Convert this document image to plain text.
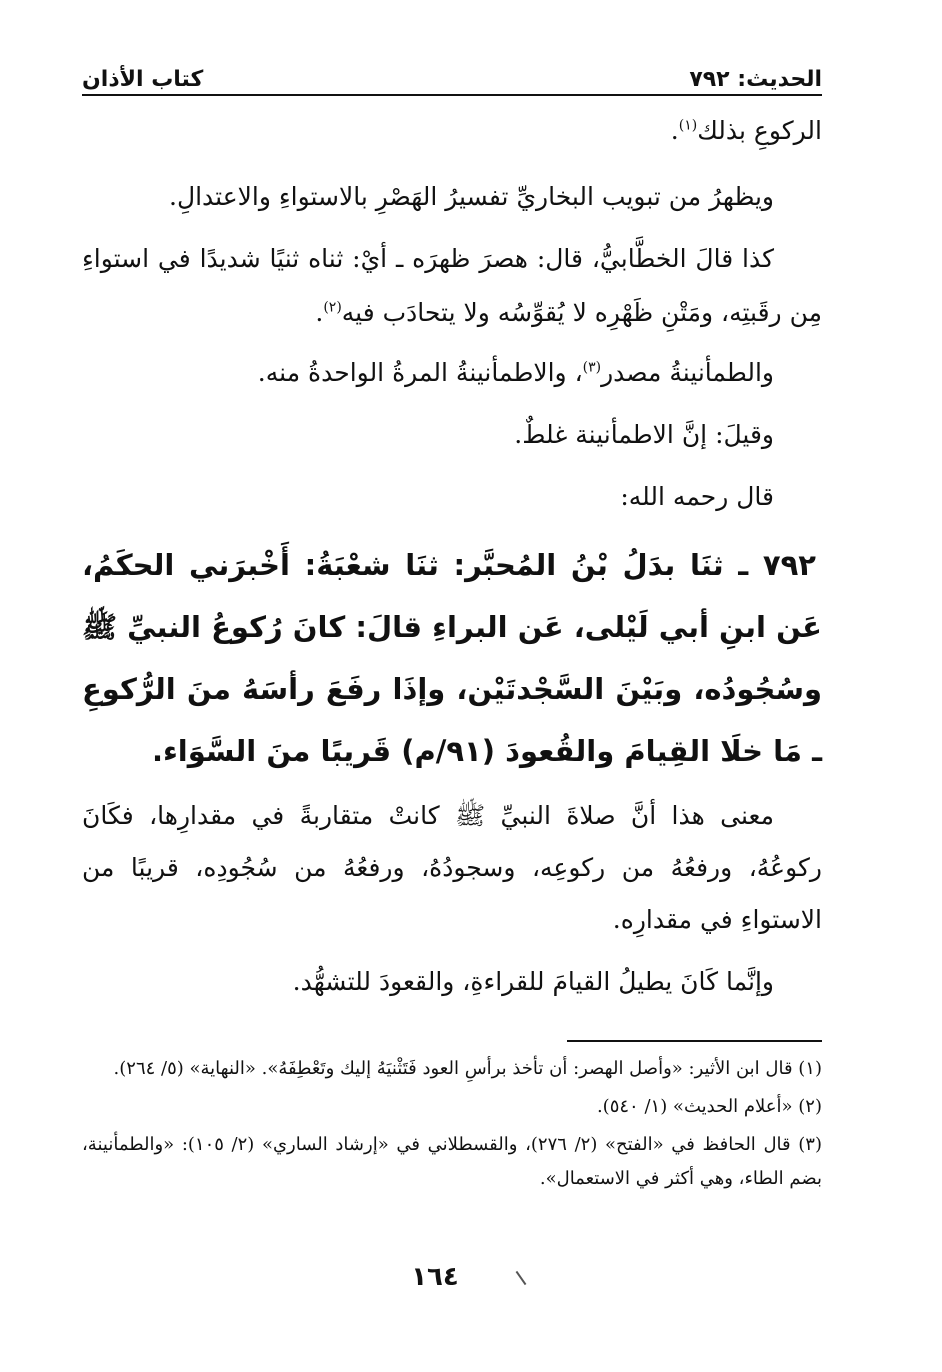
الحديث: ٧٩٢
كتاب الأذان

الركوعِ بذلك$^{(١)}$.

ويظهرُ من تبويب البخاريِّ تفسيرُ الهَصْرِ بالاستواءِ والاعتدالِ.

كذا قالَ الخطَّابيُّ، قال: هصرَ ظهرَه ـ أيْ: ثناه ثنيًا شديدًا في استواءِ مِن رقَبتِه، ومَتْنِ ظَهْرِه لا يُقوِّسُه ولا يتحادَب فيه$^{(٢)}$.

والطمأنينةُ مصدر$^{(٣)}$، والاطمأنينةُ المرةُ الواحدةُ منه.

وقيلَ: إنَّ الاطمأنينة غلطٌ.

قال رحمه الله:

٧٩٢ ـ ثنَا بدَلُ بْنُ المُحبَّر: ثنَا شعْبَةُ: أَخْبرَني الحكَمُ، عَن ابنِ أبي لَيْلى، عَن البراءِ قالَ: كانَ رُكوعُ النبيِّ ﷺ وسُجُودُه، وبَيْنَ السَّجْدتَيْن، وإذَا رفَعَ رأسَهُ منَ الرُّكوعِ ـ مَا خلَا القِيامَ والقُعودَ (٩١/م) قَريبًا منَ السَّوَاء.

معنى هذا أنَّ صلاةَ النبيِّ ﷺ كانتْ متقاربةً في مقدارِها، فكَانَ ركوعُهُ، ورفعُهُ من ركوعِه، وسجودُهُ، ورفعُهُ من سُجُودِه، قريبًا من الاستواءِ في مقدارِه.

وإنَّما كَانَ يطيلُ القيامَ للقراءةِ، والقعودَ للتشهُّد.

(١) قال ابن الأثير: «وأصل الهصر: أن تأخذ برأسِ العود فَتَثْنيَهُ إليك وتَعْطِفَهُ». «النهاية» (٥/ ٢٦٤).

(٢) «أعلام الحديث» (١/ ٥٤٠).

(٣) قال الحافظ في «الفتح» (٢/ ٢٧٦)، والقسطلاني في «إرشاد الساري» (٢/ ١٠٥): «والطمأنينة، بضم الطاء، وهي أكثر في الاستعمال».

١٦٤
